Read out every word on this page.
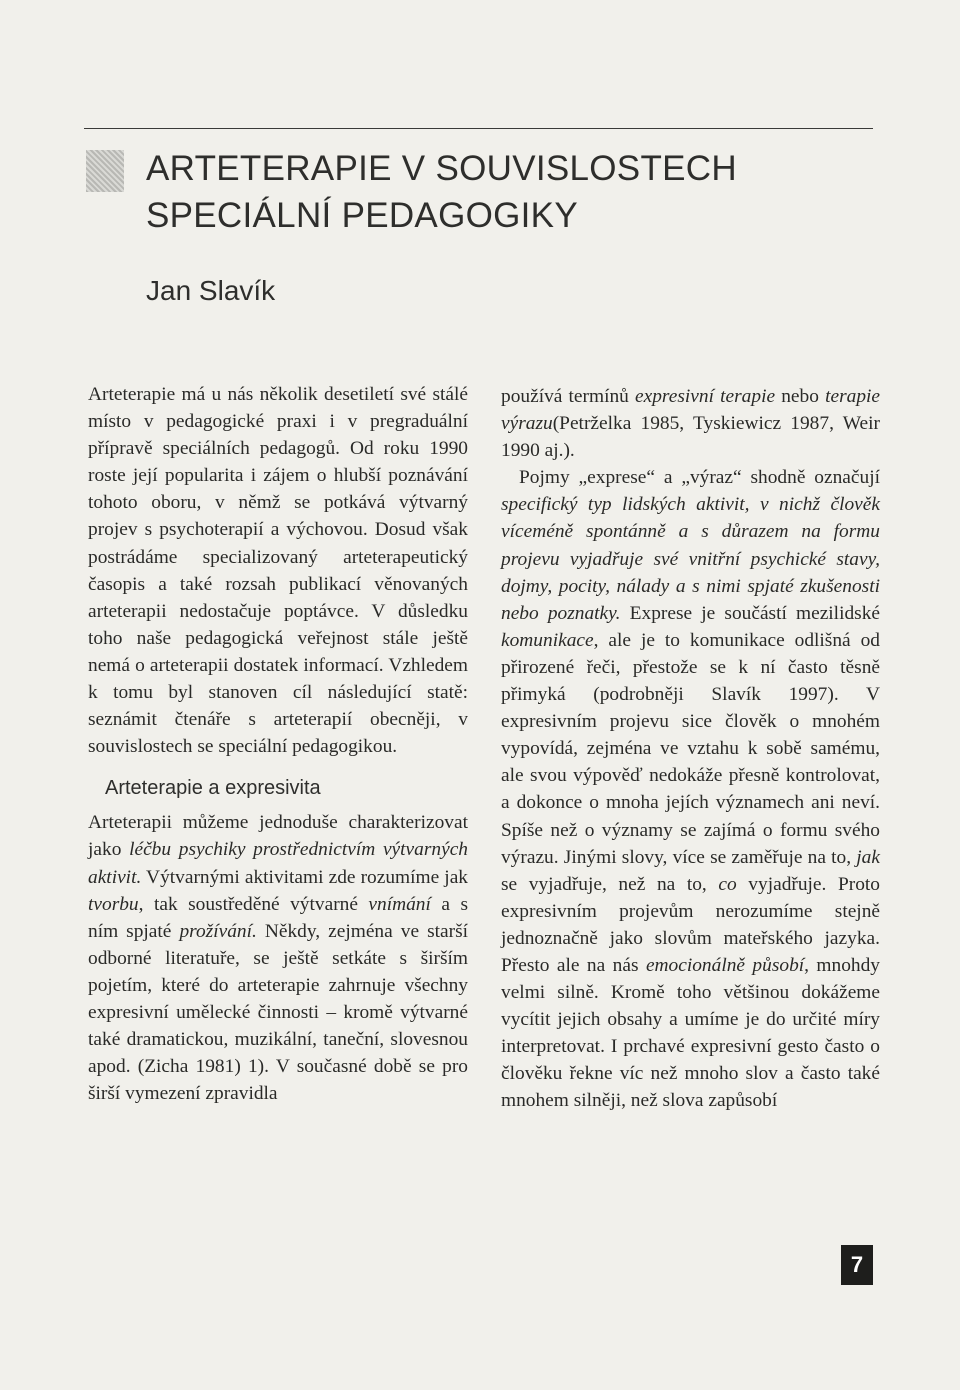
ARTETERAPIE V SOUVISLOSTECH SPECIÁLNÍ PEDAGOGIKY
Jan Slavík

Arteterapie má u nás několik desetiletí své stálé místo v pedagogické praxi i v pregraduální přípravě speciálních pedagogů. Od roku 1990 roste její popularita i zájem o hlubší poznávání tohoto oboru, v němž se potkává výtvarný projev s psychoterapií a výchovou. Dosud však postrádáme specializovaný arteterapeutický časopis a také rozsah publikací věnovaných arteterapii nedostačuje poptávce. V důsledku toho naše pedagogická veřejnost stále ještě nemá o arteterapii dostatek informací. Vzhledem k tomu byl stanoven cíl následující statě: seznámit čtenáře s arteterapií obecněji, v souvislostech se speciální pedagogikou.

Arteterapie a expresivita

Arteterapii můžeme jednoduše charakterizovat jako léčbu psychiky prostřednictvím výtvarných aktivit. Výtvarnými aktivitami zde rozumíme jak tvorbu, tak soustředěné výtvarné vnímání a s ním spjaté prožívání. Někdy, zejména ve starší odborné literatuře, se ještě setkáte s širším pojetím, které do arteterapie zahrnuje všechny expresivní umělecké činnosti – kromě výtvarné také dramatickou, muzikální, taneční, slovesnou apod. (Zicha 1981) 1). V současné době se pro širší vymezení zpravidla

používá termínů expresivní terapie nebo terapie výrazu(Petrželka 1985, Tyskiewicz 1987, Weir 1990 aj.).

Pojmy „exprese“ a „výraz“ shodně označují specifický typ lidských aktivit, v nichž člověk víceméně spontánně a s důrazem na formu projevu vyjadřuje své vnitřní psychické stavy, dojmy, pocity, nálady a s nimi spjaté zkušenosti nebo poznatky. Exprese je součástí mezilidské komunikace, ale je to komunikace odlišná od přirozené řeči, přestože se k ní často těsně přimyká (podrobněji Slavík 1997). V expresivním projevu sice člověk o mnohém vypovídá, zejména ve vztahu k sobě samému, ale svou výpověď nedokáže přesně kontrolovat, a dokonce o mnoha jejích významech ani neví. Spíše než o významy se zajímá o formu svého výrazu. Jinými slovy, více se zaměřuje na to, jak se vyjadřuje, než na to, co vyjadřuje. Proto expresivním projevům nerozumíme stejně jednoznačně jako slovům mateřského jazyka. Přesto ale na nás emocionálně působí, mnohdy velmi silně. Kromě toho většinou dokážeme vycítit jejich obsahy a umíme je do určité míry interpretovat. I prchavé expresivní gesto často o člověku řekne víc než mnoho slov a často také mnohem silněji, než slova zapůsobí

7
